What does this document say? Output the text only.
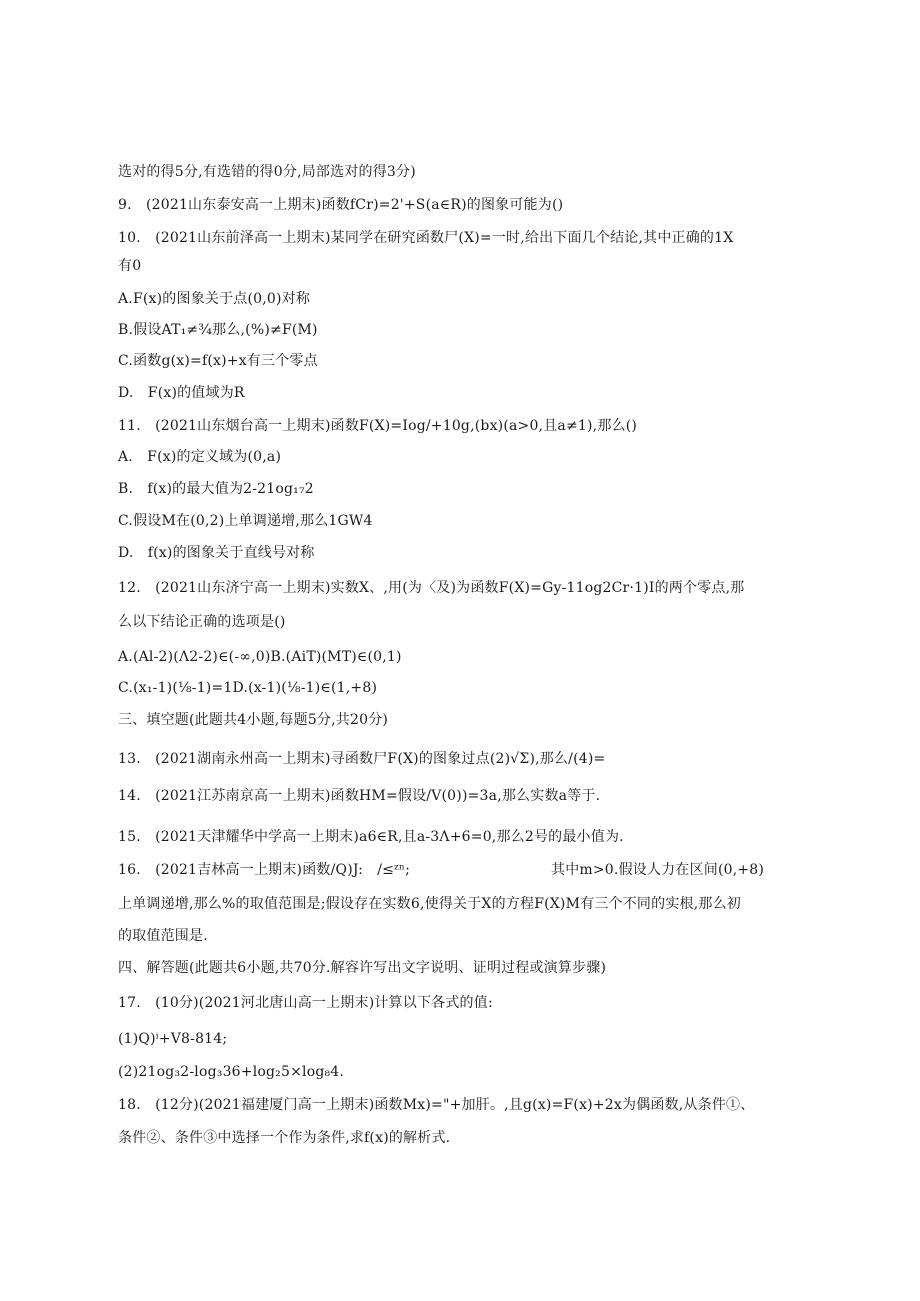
选对的得5分,有选错的得0分,局部选对的得3分)
9.　(2021山东泰安高一上期末)函数fCr)=2'+S(a∈R)的图象可能为()
10.　(2021山东前泽高一上期末)某同学在研究函数尸(X)=一时,给出下面几个结论,其中正确的1X
有0
A.F(x)的图象关于点(0,0)对称
B.假设AT₁≠¾那么,(%)≠F(M)
C.函数g(x)=f(x)+x有三个零点
D.　F(x)的值域为R
11.　(2021山东烟台高一上期末)函数F(X)=Iog/+10g,(bx)(a>0,且a≠1),那么()
A.　F(x)的定义域为(0,a)
B.　f(x)的最大值为2-21og₁₇2
C.假设M在(0,2)上单调递增,那么1GW4
D.　f(x)的图象关于直线号对称
12.　(2021山东济宁高一上期末)实数X、,用(为〈及)为函数F(X)=Gy-11og2Cr·1)I的两个零点,那
么以下结论正确的选项是()
A.(Al-2)(Λ2-2)∈(-∞,0)B.(AiT)(MT)∈(0,1)
C.(x₁-1)(⅛-1)=1D.(x-1)(⅛-1)∈(1,+8)
三、填空题(此题共4小题,每题5分,共20分)
13.　(2021湖南永州高一上期末)寻函数尸F(X)的图象过点(2)√Σ),那么/(4)=
14.　(2021江苏南京高一上期末)函数HM=假设/V(0))=3a,那么实数a等于.
15.　(2021天津耀华中学高一上期末)a6∈R,且a-3Λ+6=0,那么2号的最小值为.
16.　(2021吉林高一上期末)函数/Q)J:　/≤ᶻⁿ;	其中m>0.假设人力在区间(0,+8)
上单调递增,那么%的取值范围是;假设存在实数6,使得关于X的方程F(X)M有三个不同的实根,那么初
的取值范围是.
四、解答题(此题共6小题,共70分.解容许写出文字说明、证明过程或演算步骤)
17.　(10分)(2021河北唐山高一上期末)计算以下各式的值:
(1)Q)ⁱ+V8-814;
(2)21og₃2-log₃36+log₂5×log₈4.
18.　(12分)(2021福建厦门高一上期末)函数Mx)="+加肝。,且g(x)=F(x)+2x为偶函数,从条件①、
条件②、条件③中选择一个作为条件,求f(x)的解析式.
